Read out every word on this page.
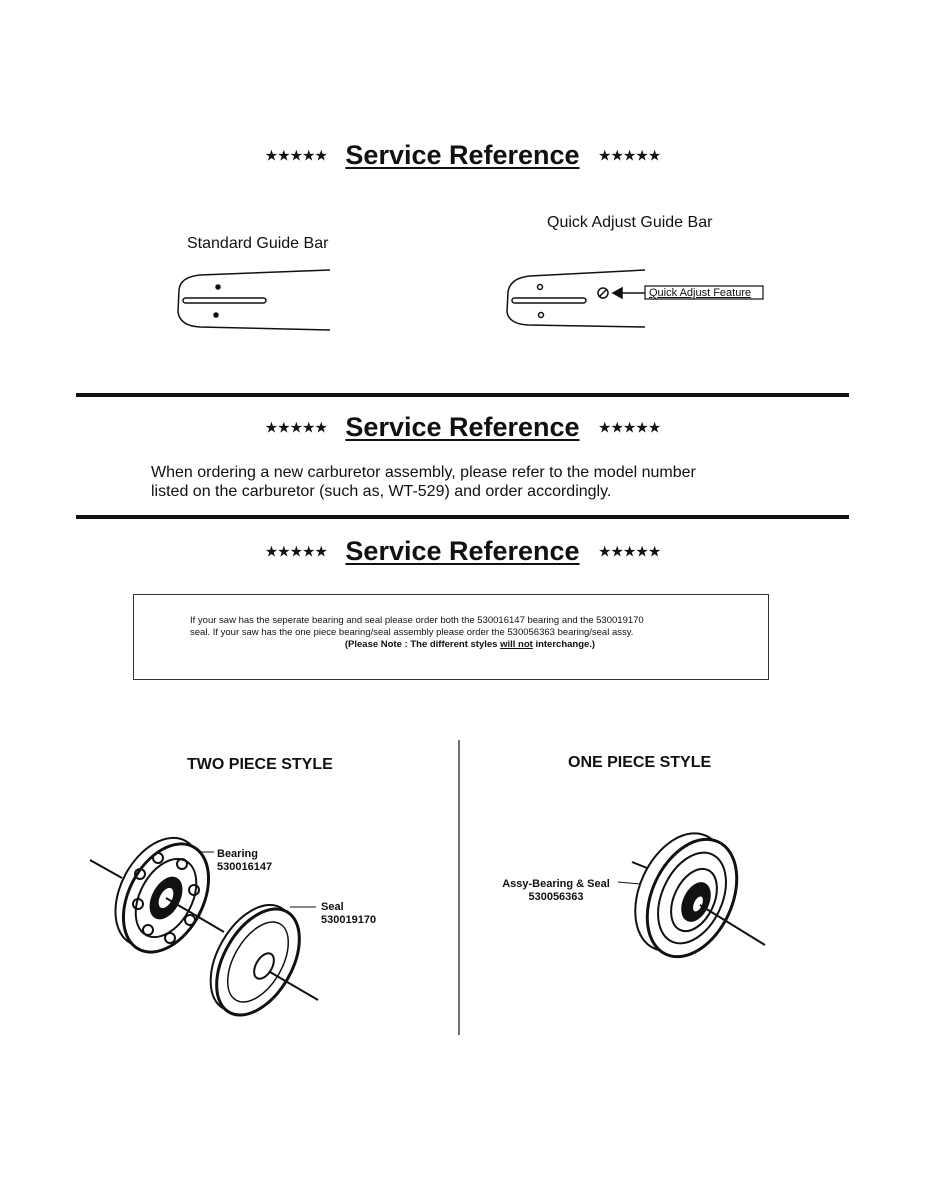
★★★★★ Service Reference ★★★★★
Standard Guide Bar
Quick Adjust Guide Bar
Quick Adjust Feature
★★★★★ Service Reference ★★★★★
When ordering a new carburetor assembly, please refer to the model number
listed on the carburetor (such as, WT-529) and order accordingly.
★★★★★ Service Reference ★★★★★
If your saw has the seperate bearing and seal please order both the 530016147 bearing and the 530019170
seal. If your saw has the one piece bearing/seal assembly please order the 530056363 bearing/seal assy.
(Please Note : The different styles will not interchange.)
TWO PIECE STYLE	ONE PIECE STYLE
Bearing
530016147
Seal
530019170
Assy-Bearing & Seal
530056363
